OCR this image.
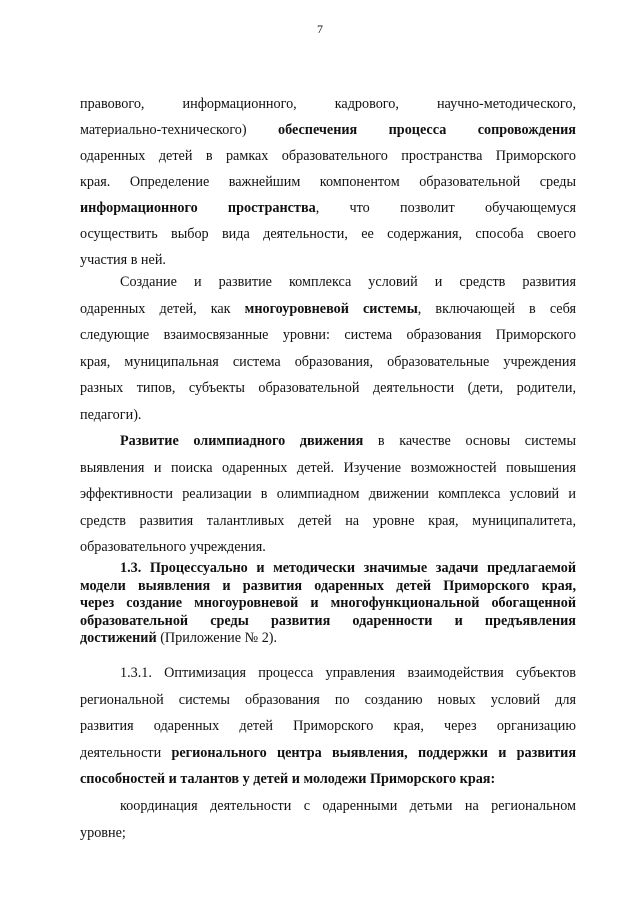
7
правового, информационного, кадрового, научно-методического,
материально-технического) обеспечения процесса сопровождения
одаренных детей в рамках образовательного пространства Приморского
края. Определение важнейшим компонентом образовательной среды
информационного пространства, что позволит обучающемуся
осуществить выбор вида деятельности, ее содержания, способа своего
участия в ней.
Создание и развитие комплекса условий и средств развития
одаренных детей, как многоуровневой системы, включающей в себя
следующие взаимосвязанные уровни: система образования Приморского
края, муниципальная система образования, образовательные учреждения
разных типов, субъекты образовательной деятельности (дети, родители,
педагоги).
Развитие олимпиадного движения в качестве основы системы
выявления и поиска одаренных детей. Изучение возможностей повышения
эффективности реализации в олимпиадном движении комплекса условий и
средств развития талантливых детей на уровне края, муниципалитета,
образовательного учреждения.
1.3. Процессуально и методически значимые задачи предлагаемой
модели выявления и развития одаренных детей Приморского края,
через создание многоуровневой и многофункциональной обогащенной
образовательной среды развития одаренности и предъявления
достижений (Приложение № 2).
1.3.1. Оптимизация процесса управления взаимодействия субъектов
региональной системы образования по созданию новых условий для
развития одаренных детей Приморского края, через организацию
деятельности регионального центра выявления, поддержки и развития
способностей и талантов у детей и молодежи Приморского края:
координация деятельности с одаренными детьми на региональном
уровне;
